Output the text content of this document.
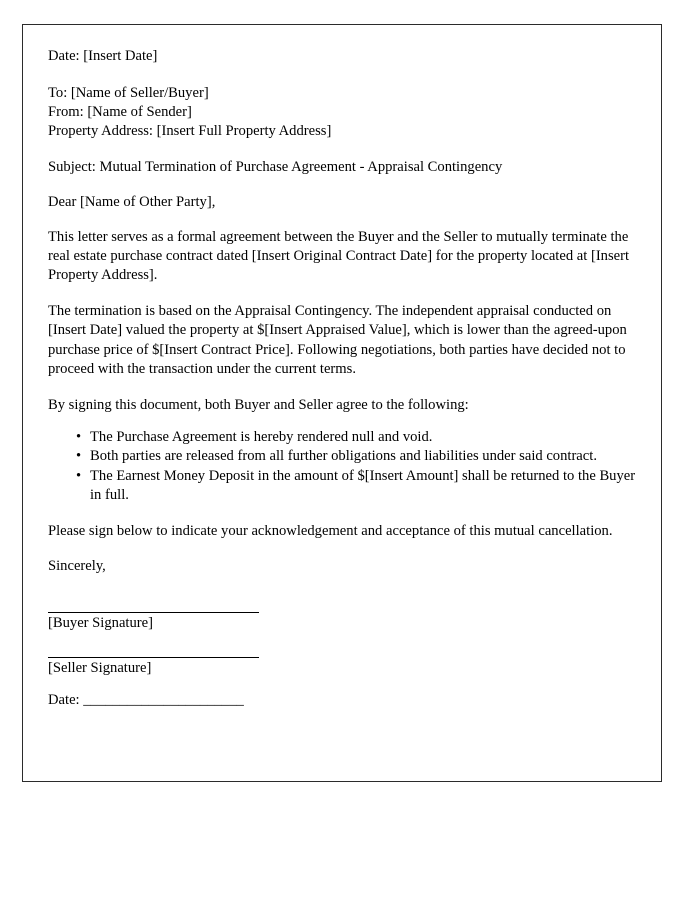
Date: [Insert Date]
To: [Name of Seller/Buyer]
From: [Name of Sender]
Property Address: [Insert Full Property Address]
Subject: Mutual Termination of Purchase Agreement - Appraisal Contingency
Dear [Name of Other Party],
This letter serves as a formal agreement between the Buyer and the Seller to mutually terminate the real estate purchase contract dated [Insert Original Contract Date] for the property located at [Insert Property Address].
The termination is based on the Appraisal Contingency. The independent appraisal conducted on [Insert Date] valued the property at $[Insert Appraised Value], which is lower than the agreed-upon purchase price of $[Insert Contract Price]. Following negotiations, both parties have decided not to proceed with the transaction under the current terms.
By signing this document, both Buyer and Seller agree to the following:
• The Purchase Agreement is hereby rendered null and void.
• Both parties are released from all further obligations and liabilities under said contract.
• The Earnest Money Deposit in the amount of $[Insert Amount] shall be returned to the Buyer in full.
Please sign below to indicate your acknowledgement and acceptance of this mutual cancellation.
Sincerely,
[Buyer Signature]
[Seller Signature]
Date: ______________________
